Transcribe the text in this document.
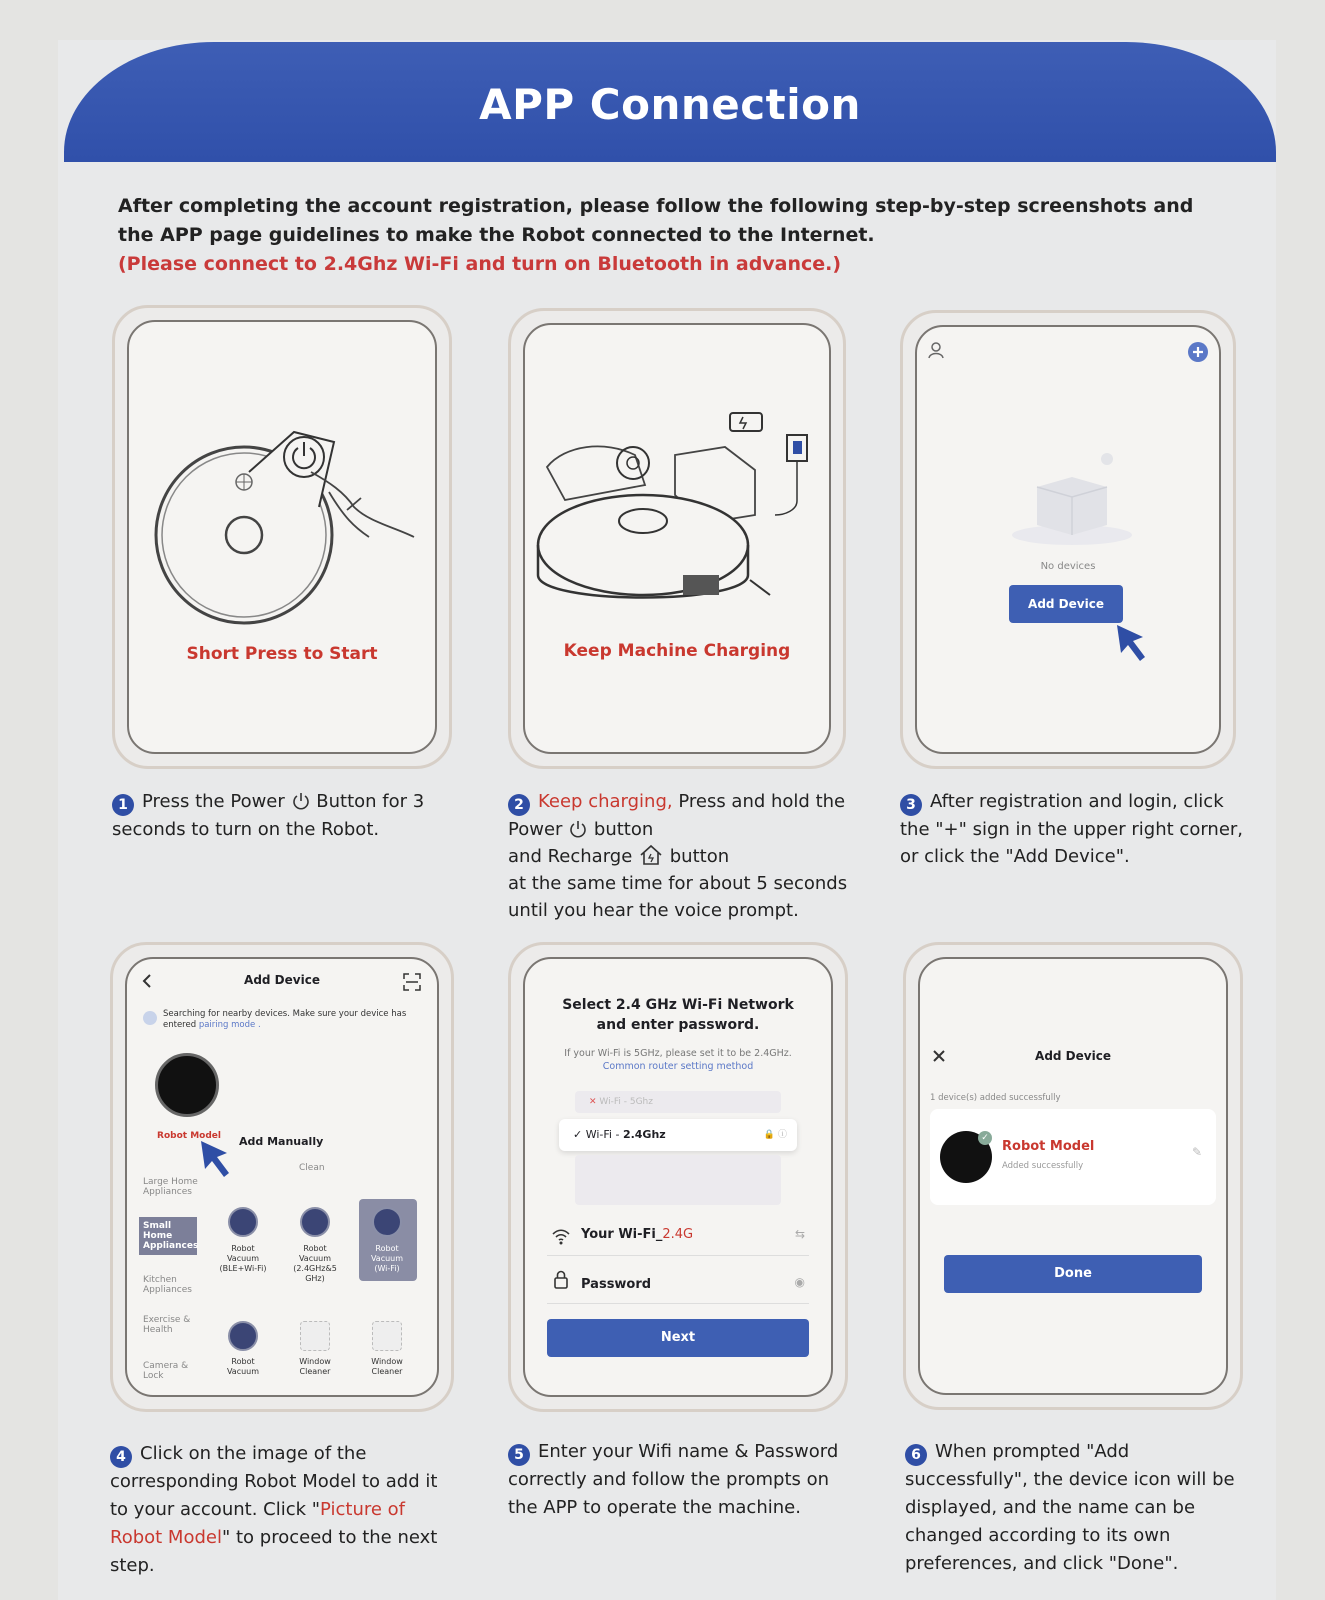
APP Connection
After completing the account registration, please follow the following step-by-step screenshots and the APP page guidelines to make the Robot connected to the Internet.
(Please connect to 2.4Ghz Wi-Fi and turn on Bluetooth in advance.)
Short Press to Start	Keep Machine Charging
No devices
Add Device
Add Device
Searching for nearby devices. Make sure your device has entered pairing mode .
Robot Model	Add Manually
Clean
Large Home Appliances
Small Home Appliances
Kitchen Appliances
Exercise & Health
Camera & Lock
Robot Vacuum (BLE+Wi-Fi)
Robot Vacuum (2.4GHz&5 GHz)
Robot Vacuum (Wi-Fi)
Robot Vacuum
Window Cleaner
Window Cleaner
Select 2.4 GHz Wi-Fi Network
and enter password.
If your Wi-Fi is 5GHz, please set it to be 2.4GHz. Common router setting method
✕ Wi-Fi - 5Ghz
✓ Wi-Fi - 2.4Ghz	🔒 ⓘ
Your Wi-Fi_2.4G	⇆
Password	◉
Next
Add Device
1 device(s) added successfully
✓
Robot Model
Added successfully
✎
Done
1 Press the Power Button for 3 seconds to turn on the Robot.
2 Keep charging, Press and hold the Power button
and Recharge button
at the same time for about 5 seconds until you hear the voice prompt.
3 After registration and login, click the "+" sign in the upper right corner, or click the "Add Device".
4 Click on the image of the corresponding Robot Model to add it to your account. Click "Picture of Robot Model" to proceed to the next step.
5 Enter your Wifi name & Password correctly and follow the prompts on the APP to operate the machine.
6 When prompted "Add successfully", the device icon will be displayed, and the name can be changed according to its own preferences, and click "Done".
